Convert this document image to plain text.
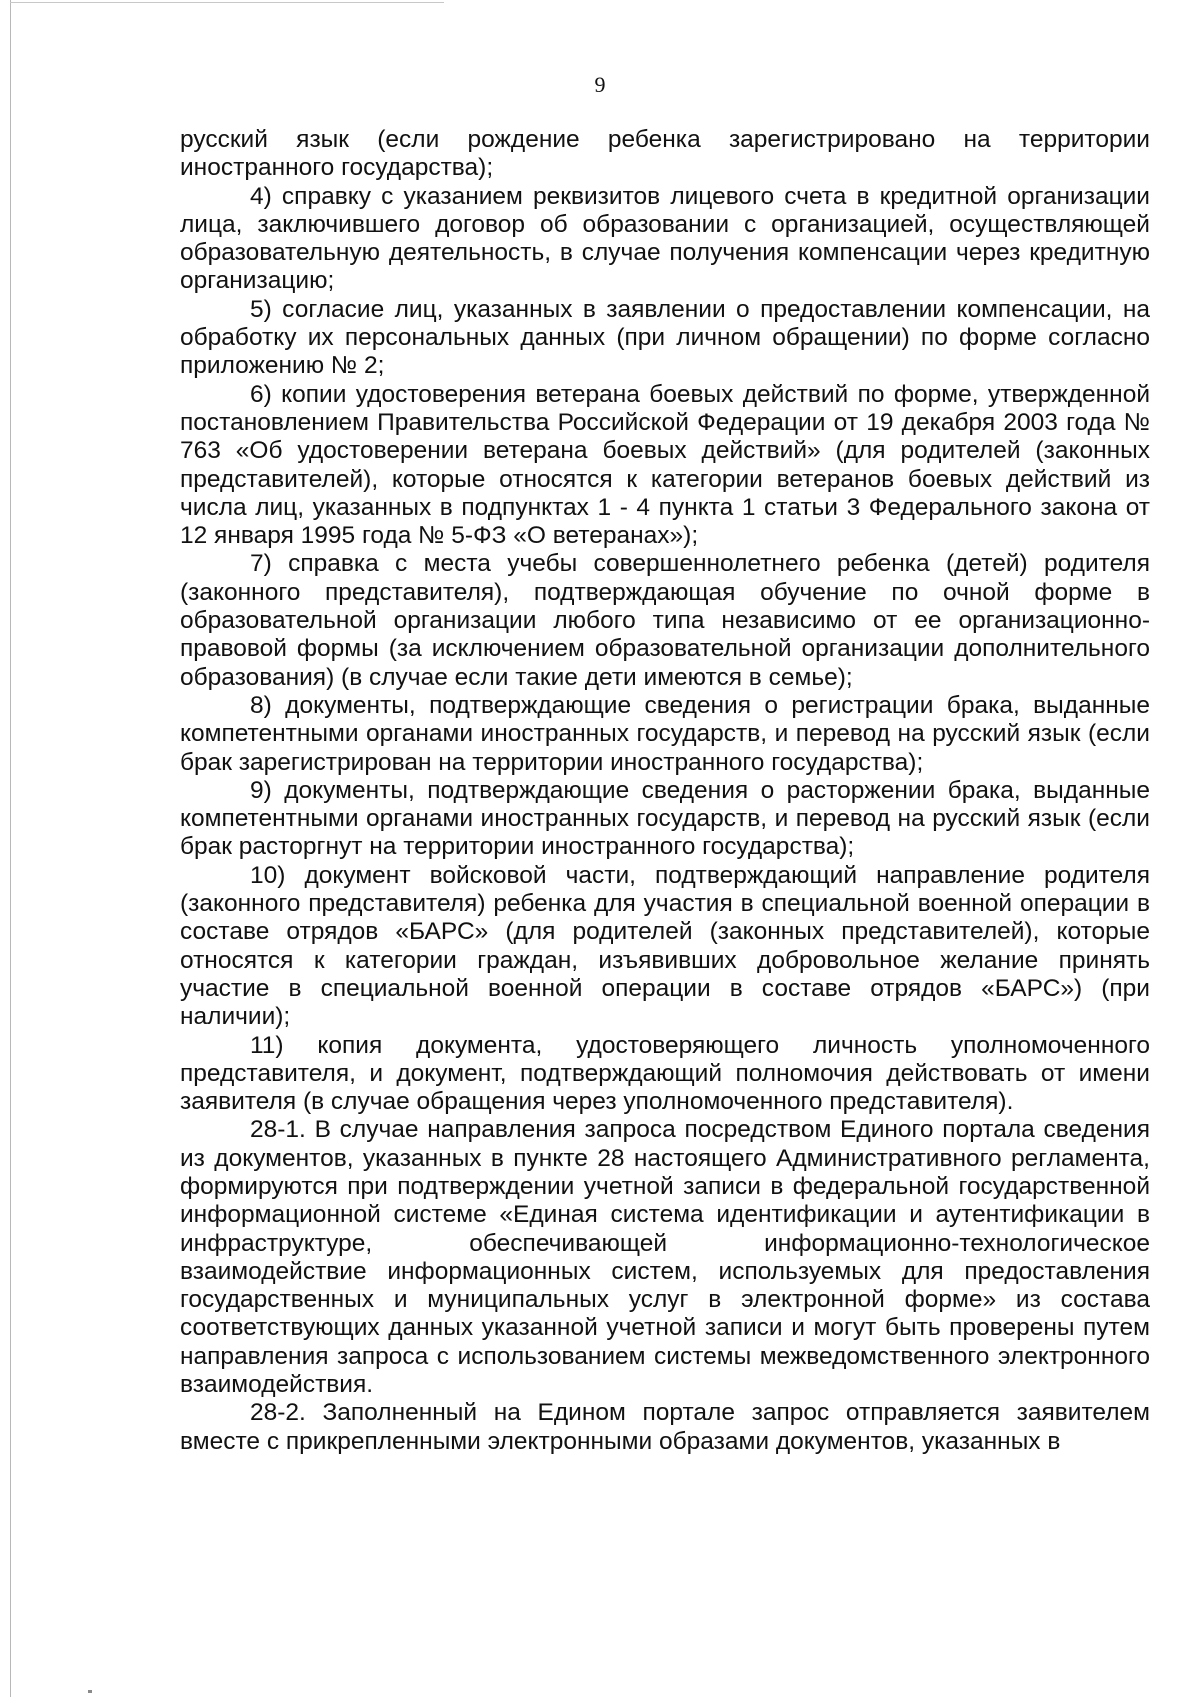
9

русский язык (если рождение ребенка зарегистрировано на территории иностранного государства);

4) справку с указанием реквизитов лицевого счета в кредитной организации лица, заключившего договор об образовании с организацией, осуществляющей образовательную деятельность, в случае получения компенсации через кредитную организацию;

5) согласие лиц, указанных в заявлении о предоставлении компенсации, на обработку их персональных данных (при личном обращении) по форме согласно приложению № 2;

6) копии удостоверения ветерана боевых действий по форме, утвержденной постановлением Правительства Российской Федерации от 19 декабря 2003 года № 763 «Об удостоверении ветерана боевых действий» (для родителей (законных представителей), которые относятся к категории ветеранов боевых действий из числа лиц, указанных в подпунктах 1 - 4 пункта 1 статьи 3 Федерального закона от 12 января 1995 года № 5-ФЗ «О ветеранах»);

7) справка с места учебы совершеннолетнего ребенка (детей) родителя (законного представителя), подтверждающая обучение по очной форме в образовательной организации любого типа независимо от ее организационно-правовой формы (за исключением образовательной организации дополнительного образования) (в случае если такие дети имеются в семье);

8) документы, подтверждающие сведения о регистрации брака, выданные компетентными органами иностранных государств, и перевод на русский язык (если брак зарегистрирован на территории иностранного государства);

9) документы, подтверждающие сведения о расторжении брака, выданные компетентными органами иностранных государств, и перевод на русский язык (если брак расторгнут на территории иностранного государства);

10) документ войсковой части, подтверждающий направление родителя (законного представителя) ребенка для участия в специальной военной операции в составе отрядов «БАРС» (для родителей (законных представителей), которые относятся к категории граждан, изъявивших добровольное желание принять участие в специальной военной операции в составе отрядов «БАРС») (при наличии);

11) копия документа, удостоверяющего личность уполномоченного представителя, и документ, подтверждающий полномочия действовать от имени заявителя (в случае обращения через уполномоченного представителя).

28-1. В случае направления запроса посредством Единого портала сведения из документов, указанных в пункте 28 настоящего Административного регламента, формируются при подтверждении учетной записи в федеральной государственной информационной системе «Единая система идентификации и аутентификации в инфраструктуре, обеспечивающей информационно-технологическое взаимодействие информационных систем, используемых для предоставления государственных и муниципальных услуг в электронной форме» из состава соответствующих данных указанной учетной записи и могут быть проверены путем направления запроса с использованием системы межведомственного электронного взаимодействия.

28-2. Заполненный на Едином портале запрос отправляется заявителем вместе с прикрепленными электронными образами документов, указанных в
